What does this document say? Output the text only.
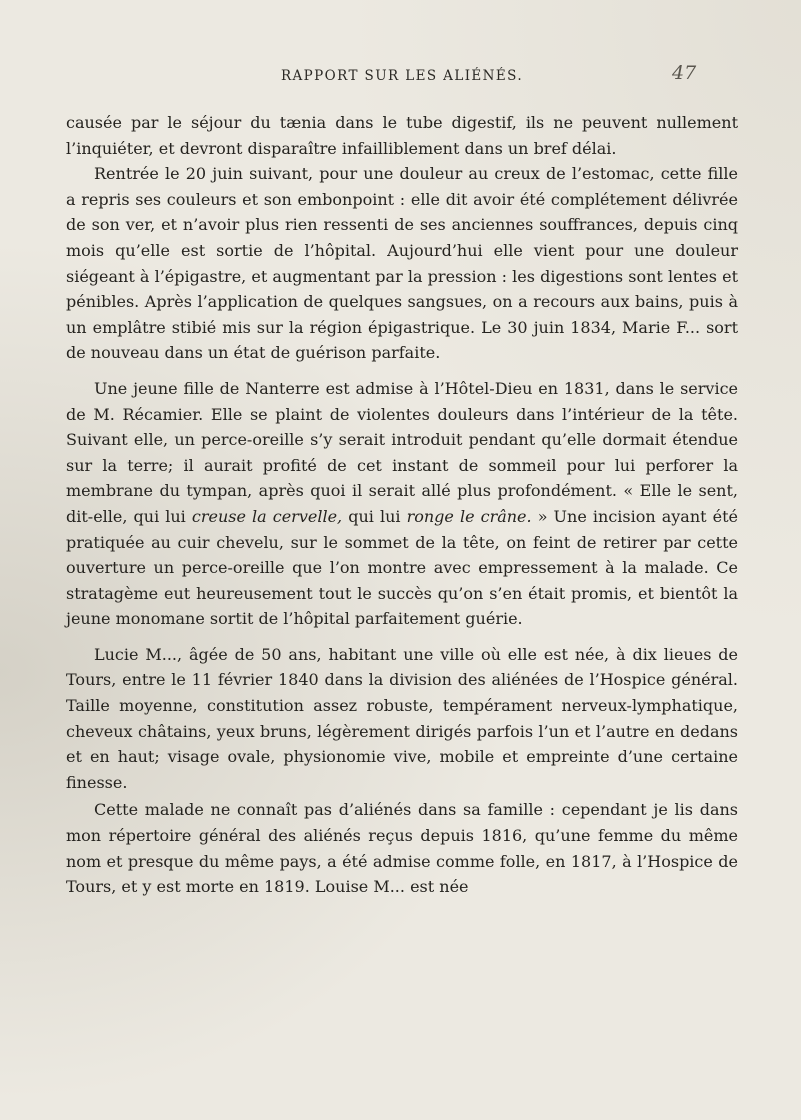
RAPPORT SUR LES ALIÉNÉS.	47

causée par le séjour du tænia dans le tube digestif, ils ne peuvent nullement l’inquiéter, et devront disparaître infailliblement dans un bref délai.

Rentrée le 20 juin suivant, pour une douleur au creux de l’estomac, cette fille a repris ses couleurs et son embonpoint : elle dit avoir été complétement délivrée de son ver, et n’avoir plus rien ressenti de ses anciennes souffrances, depuis cinq mois qu’elle est sortie de l’hôpital. Aujourd’hui elle vient pour une douleur siégeant à l’épigastre, et augmentant par la pression : les digestions sont lentes et pénibles. Après l’application de quelques sangsues, on a recours aux bains, puis à un emplâtre stibié mis sur la région épigastrique. Le 30 juin 1834, Marie F... sort de nouveau dans un état de guérison parfaite.

Une jeune fille de Nanterre est admise à l’Hôtel-Dieu en 1831, dans le service de M. Récamier. Elle se plaint de violentes douleurs dans l’intérieur de la tête. Suivant elle, un perce-oreille s’y serait introduit pendant qu’elle dormait étendue sur la terre; il aurait profité de cet instant de sommeil pour lui perforer la membrane du tympan, après quoi il serait allé plus profondément. « Elle le sent, dit-elle, qui lui creuse la cervelle, qui lui ronge le crâne. » Une incision ayant été pratiquée au cuir chevelu, sur le sommet de la tête, on feint de retirer par cette ouverture un perce-oreille que l’on montre avec empressement à la malade. Ce stratagème eut heureusement tout le succès qu’on s’en était promis, et bientôt la jeune monomane sortit de l’hôpital parfaitement guérie.

Lucie M..., âgée de 50 ans, habitant une ville où elle est née, à dix lieues de Tours, entre le 11 février 1840 dans la division des aliénées de l’Hospice général. Taille moyenne, constitution assez robuste, tempérament nerveux-lymphatique, cheveux châtains, yeux bruns, légèrement dirigés parfois l’un et l’autre en dedans et en haut; visage ovale, physionomie vive, mobile et empreinte d’une certaine finesse.

Cette malade ne connaît pas d’aliénés dans sa famille : cependant je lis dans mon répertoire général des aliénés reçus depuis 1816, qu’une femme du même nom et presque du même pays, a été admise comme folle, en 1817, à l’Hospice de Tours, et y est morte en 1819. Louise M... est née
